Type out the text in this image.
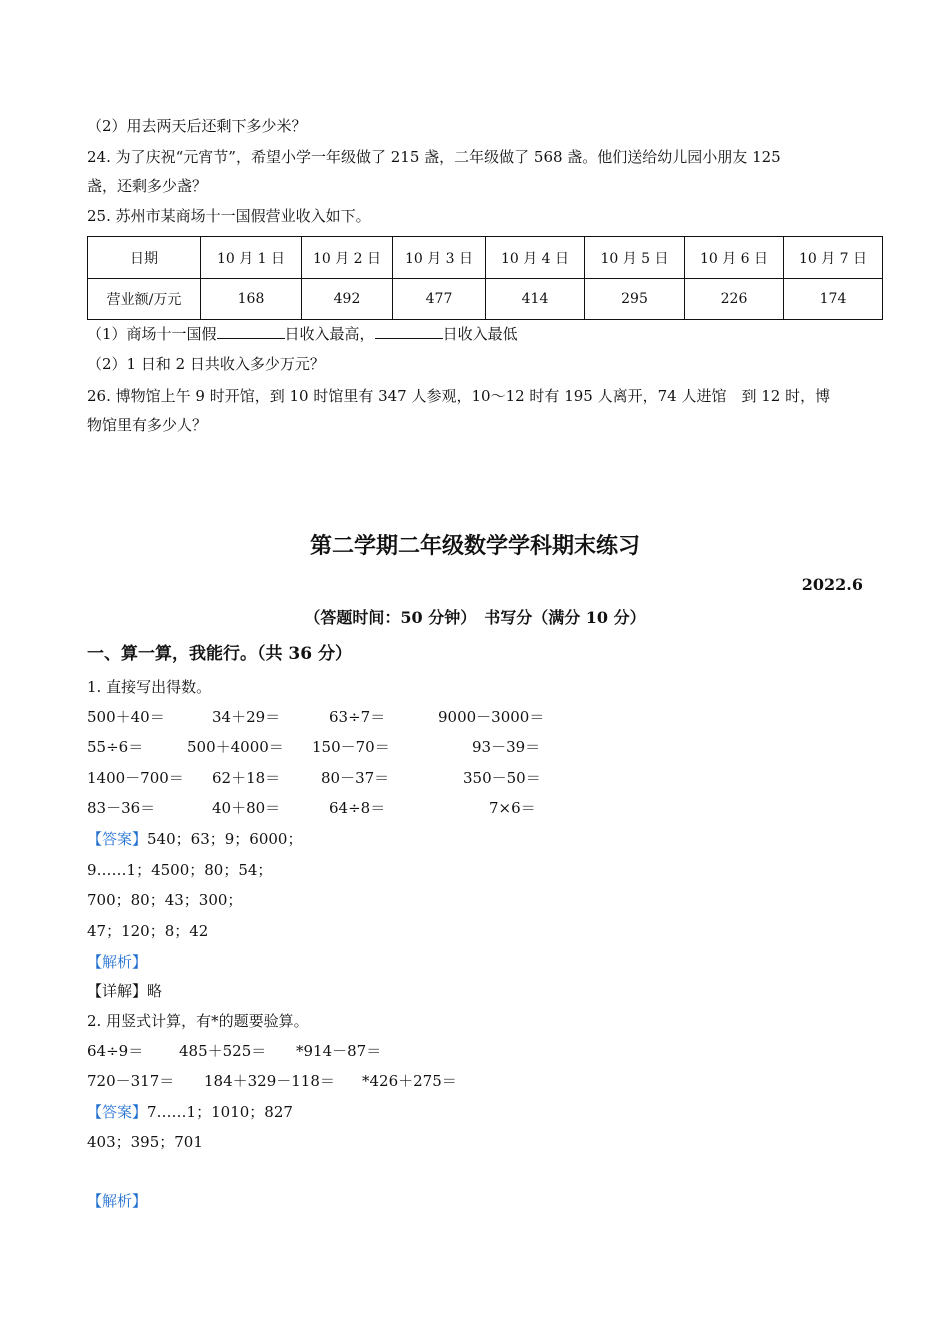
（2）用去两天后还剩下多少米？
24. 为了庆祝“元宵节”，希望小学一年级做了 215 盏，二年级做了 568 盏。他们送给幼儿园小朋友 125
盏，还剩多少盏？
25. 苏州市某商场十一国假营业收入如下。
日期	10 月 1 日	10 月 2 日	10 月 3 日	10 月 4 日	10 月 5 日	10 月 6 日	10 月 7 日
营业额/万元	168	492	477	414	295	226	174
（1）商场十一国假	日收入最高，	日收入最低
（2）1 日和 2 日共收入多少万元？
26. 博物馆上午 9 时开馆，到 10 时馆里有 347 人参观，10～12 时有 195 人离开，74 人进馆　到 12 时，博
物馆里有多少人？
第二学期二年级数学学科期末练习
2022.6
（答题时间：50 分钟）　书写分（满分 10 分）
一、算一算，我能行。（共 36 分）
1. 直接写出得数。
500＋40＝	34＋29＝	63÷7＝	9000－3000＝
55÷6＝	500＋4000＝ 150－70＝	93－39＝
1400－700＝ 62＋18＝	80－37＝	350－50＝
83－36＝	40＋80＝	64÷8＝	7×6＝
【答案】540；63；9；6000；
9……1；4500；80；54；
700；80；43；300；
47；120；8；42
【解析】
【详解】略
2. 用竖式计算，有*的题要验算。
64÷9＝ 485＋525＝ *914－87＝
720－317＝ 184＋329－118＝ *426＋275＝
【答案】7……1；1010；827
403；395；701
【解析】
